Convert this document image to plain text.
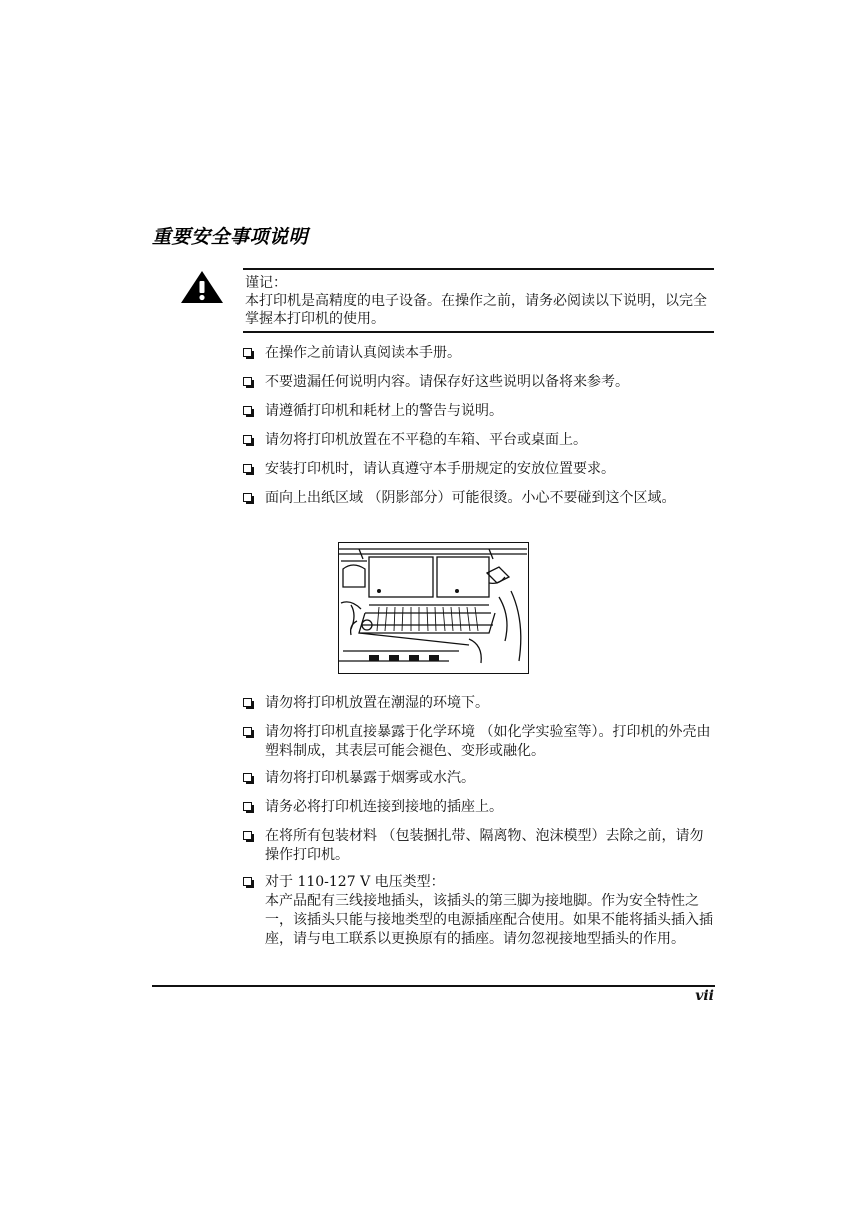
重要安全事项说明
谨记：
本打印机是高精度的电子设备。在操作之前，请务必阅读以下说明，以完全掌握本打印机的使用。
在操作之前请认真阅读本手册。
不要遗漏任何说明内容。请保存好这些说明以备将来参考。
请遵循打印机和耗材上的警告与说明。
请勿将打印机放置在不平稳的车箱、平台或桌面上。
安装打印机时，请认真遵守本手册规定的安放位置要求。
面向上出纸区域 （阴影部分）可能很烫。小心不要碰到这个区域。
请勿将打印机放置在潮湿的环境下。
请勿将打印机直接暴露于化学环境 （如化学实验室等）。打印机的外壳由塑料制成，其表层可能会褪色、变形或融化。
请勿将打印机暴露于烟雾或水汽。
请务必将打印机连接到接地的插座上。
在将所有包装材料 （包装捆扎带、隔离物、泡沫模型）去除之前，请勿操作打印机。
对于 110-127 V 电压类型：
本产品配有三线接地插头，该插头的第三脚为接地脚。作为安全特性之一，该插头只能与接地类型的电源插座配合使用。如果不能将插头插入插座，请与电工联系以更换原有的插座。请勿忽视接地型插头的作用。
vii
